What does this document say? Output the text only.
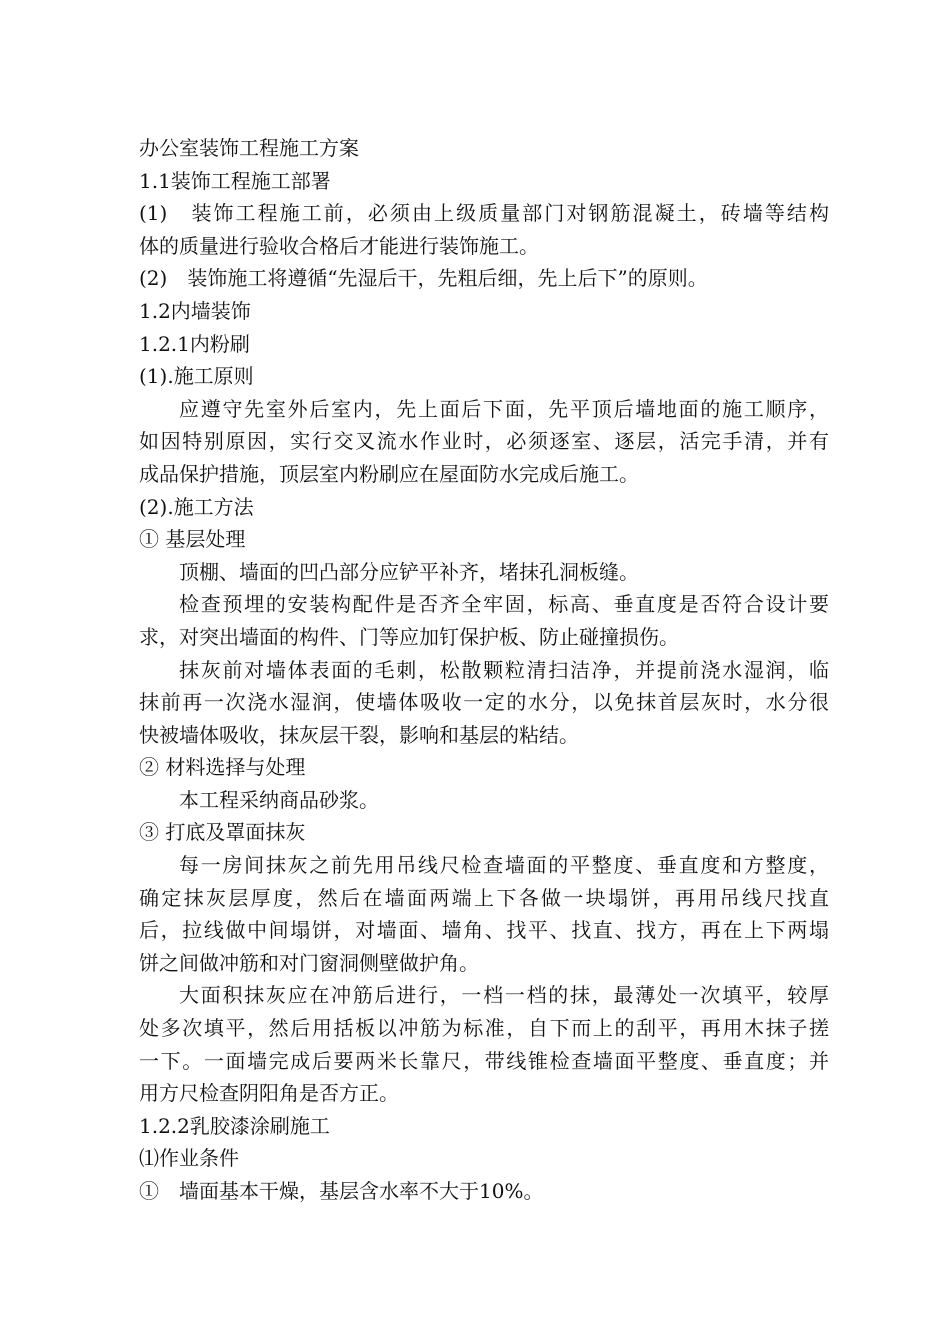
办公室装饰工程施工方案
1.1装饰工程施工部署
(1)　装饰工程施工前，必须由上级质量部门对钢筋混凝土，砖墙等结构
体的质量进行验收合格后才能进行装饰施工。
(2)　装饰施工将遵循“先湿后干，先粗后细，先上后下”的原则。
1.2内墙装饰
1.2.1内粉刷
(1).施工原则
应遵守先室外后室内，先上面后下面，先平顶后墙地面的施工顺序，
如因特别原因，实行交叉流水作业时，必须逐室、逐层，活完手清，并有
成品保护措施，顶层室内粉刷应在屋面防水完成后施工。
(2).施工方法
① 基层处理
顶棚、墙面的凹凸部分应铲平补齐，堵抹孔洞板缝。
检查预埋的安装构配件是否齐全牢固，标高、垂直度是否符合设计要
求，对突出墙面的构件、门等应加钉保护板、防止碰撞损伤。
抹灰前对墙体表面的毛刺，松散颗粒清扫洁净，并提前浇水湿润，临
抹前再一次浇水湿润，使墙体吸收一定的水分，以免抹首层灰时，水分很
快被墙体吸收，抹灰层干裂，影响和基层的粘结。
② 材料选择与处理
本工程采纳商品砂浆。
③ 打底及罩面抹灰
每一房间抹灰之前先用吊线尺检查墙面的平整度、垂直度和方整度，
确定抹灰层厚度，然后在墙面两端上下各做一块塌饼，再用吊线尺找直
后，拉线做中间塌饼，对墙面、墙角、找平、找直、找方，再在上下两塌
饼之间做冲筋和对门窗洞侧壁做护角。
大面积抹灰应在冲筋后进行，一档一档的抹，最薄处一次填平，较厚
处多次填平，然后用括板以冲筋为标准，自下而上的刮平，再用木抹子搓
一下。一面墙完成后要两米长靠尺，带线锥检查墙面平整度、垂直度；并
用方尺检查阴阳角是否方正。
1.2.2乳胶漆涂刷施工
⑴作业条件
①　墙面基本干燥，基层含水率不大于10%。
